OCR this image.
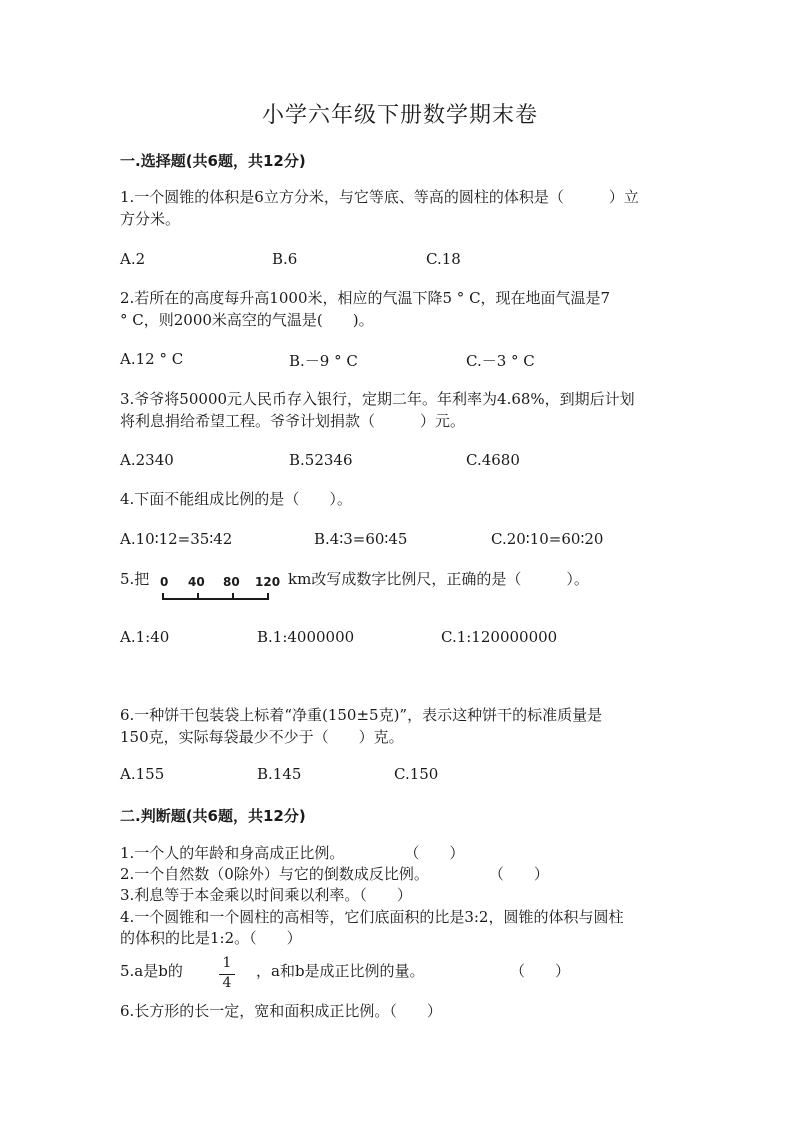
小学六年级下册数学期末卷
一.选择题(共6题，共12分)
1.一个圆锥的体积是6立方分米，与它等底、等高的圆柱的体积是（　　　）立
方分米。
A.2	B.6	C.18
2.若所在的高度每升高1000米，相应的气温下降5 ° C，现在地面气温是7
° C，则2000米高空的气温是(　　)。
A.12 ° C	B.－9 ° C	C.－3 ° C
3.爷爷将50000元人民币存入银行，定期二年。年利率为4.68%，到期后计划
将利息捐给希望工程。爷爷计划捐款（　　　）元。
A.2340	B.52346	C.4680
4.下面不能组成比例的是（　　）。
A.10∶12=35∶42	B.4∶3=60∶45	C.20∶10=60∶20
5.把 0 40 80 120 km改写成数字比例尺，正确的是（　　　）。
A.1:40	B.1:4000000	C.1:120000000
6.一种饼干包装袋上标着“净重(150±5克)”，表示这种饼干的标准质量是
150克，实际每袋最少不少于（　　）克。
A.155	B.145	C.150
二.判断题(共6题，共12分)
1.一个人的年龄和身高成正比例。　　　　　（　　）
2.一个自然数（0除外）与它的倒数成反比例。　　　　　（　　）
3.利息等于本金乘以时间乘以利率。（　　）
4.一个圆锥和一个圆柱的高相等，它们底面积的比是3:2，圆锥的体积与圆柱
的体积的比是1:2。（　　）
5.a是b的	1
4
，a和b是成正比例的量。	（　　）
6.长方形的长一定，宽和面积成正比例。（　　）
